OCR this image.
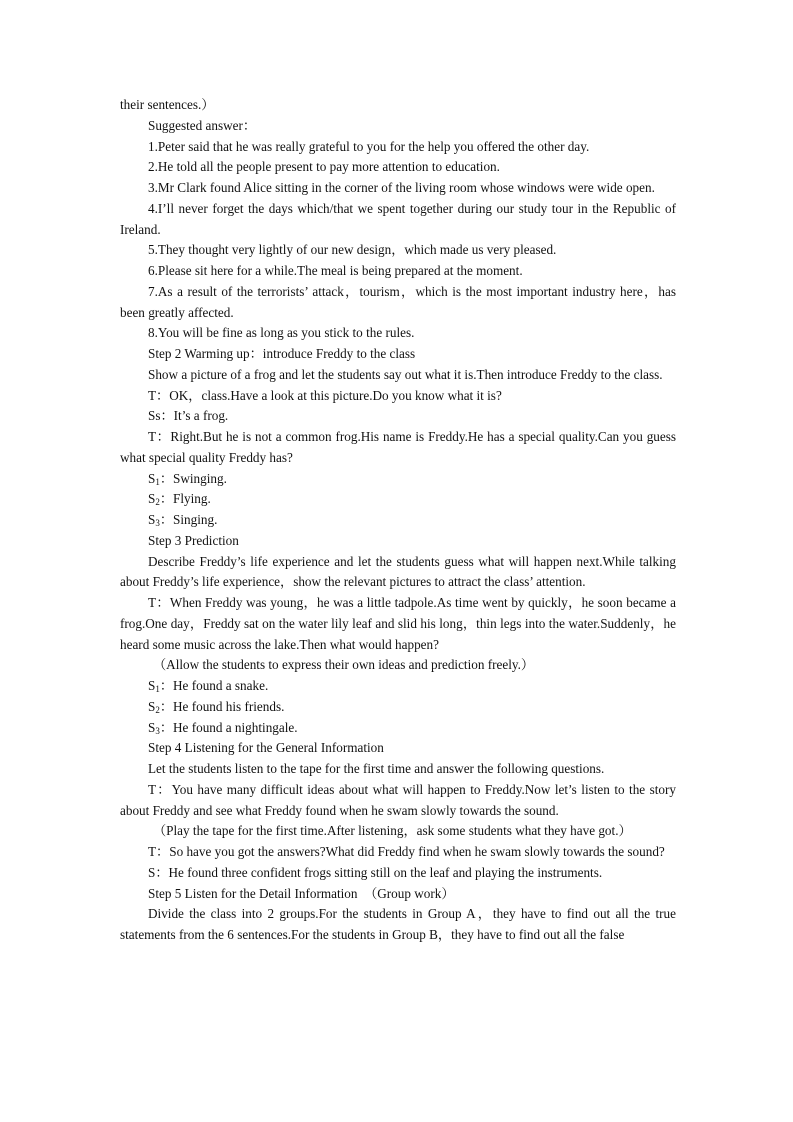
their sentences.）

Suggested answer：

1.Peter said that he was really grateful to you for the help you offered the other day.

2.He told all the people present to pay more attention to education.

3.Mr Clark found Alice sitting in the corner of the living room whose windows were wide open.

4.I’ll never forget the days which/that we spent together during our study tour in the Republic of Ireland.

5.They thought very lightly of our new design，which made us very pleased.

6.Please sit here for a while.The meal is being prepared at the moment.

7.As a result of the terrorists’ attack，tourism，which is the most important industry here，has been greatly affected.

8.You will be fine as long as you stick to the rules.

Step 2 Warming up：introduce Freddy to the class

Show a picture of a frog and let the students say out what it is.Then introduce Freddy to the class.

T：OK，class.Have a look at this picture.Do you know what it is?

Ss：It’s a frog.

T：Right.But he is not a common frog.His name is Freddy.He has a special quality.Can you guess what special quality Freddy has?

$S_1$：Swinging.

$S_2$：Flying.

$S_3$：Singing.

Step 3 Prediction

Describe Freddy’s life experience and let the students guess what will happen next.While talking about Freddy’s life experience，show the relevant pictures to attract the class’ attention.

T：When Freddy was young，he was a little tadpole.As time went by quickly，he soon became a frog.One day，Freddy sat on the water lily leaf and slid his long，thin legs into the water.Suddenly，he heard some music across the lake.Then what would happen?

（Allow the students to express their own ideas and prediction freely.）

$S_1$：He found a snake.

$S_2$：He found his friends.

$S_3$：He found a nightingale.

Step 4 Listening for the General Information

Let the students listen to the tape for the first time and answer the following questions.

T：You have many difficult ideas about what will happen to Freddy.Now let’s listen to the story about Freddy and see what Freddy found when he swam slowly towards the sound.

（Play the tape for the first time.After listening，ask some students what they have got.）

T：So have you got the answers?What did Freddy find when he swam slowly towards the sound?

S：He found three confident frogs sitting still on the leaf and playing the instruments.

Step 5 Listen for the Detail Information　（Group work）

Divide the class into 2 groups.For the students in Group A，they have to find out all the true statements from the 6 sentences.For the students in Group B，they have to find out all the false
